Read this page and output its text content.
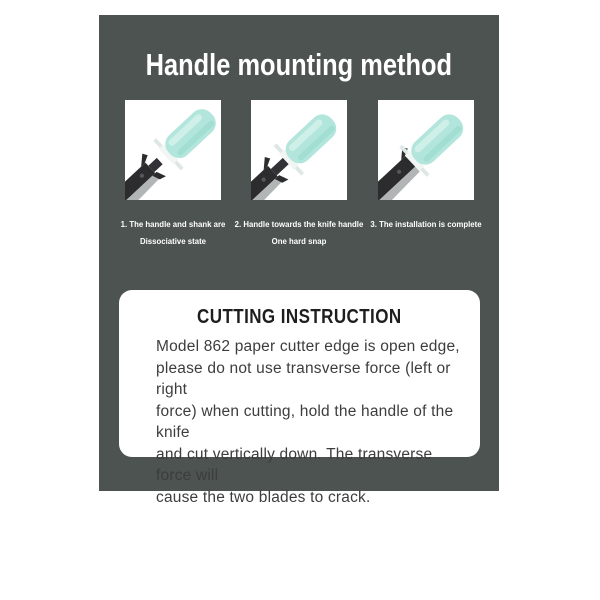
Handle mounting method
1. The handle and shank are
Dissociative state
2. Handle towards the knife handle
One hard snap
3. The installation is complete
CUTTING INSTRUCTION
Model 862 paper cutter edge is open edge,
please do not use transverse force (left or right
force) when cutting, hold the handle of the knife
and cut vertically down. The transverse force will
cause the two blades to crack.
